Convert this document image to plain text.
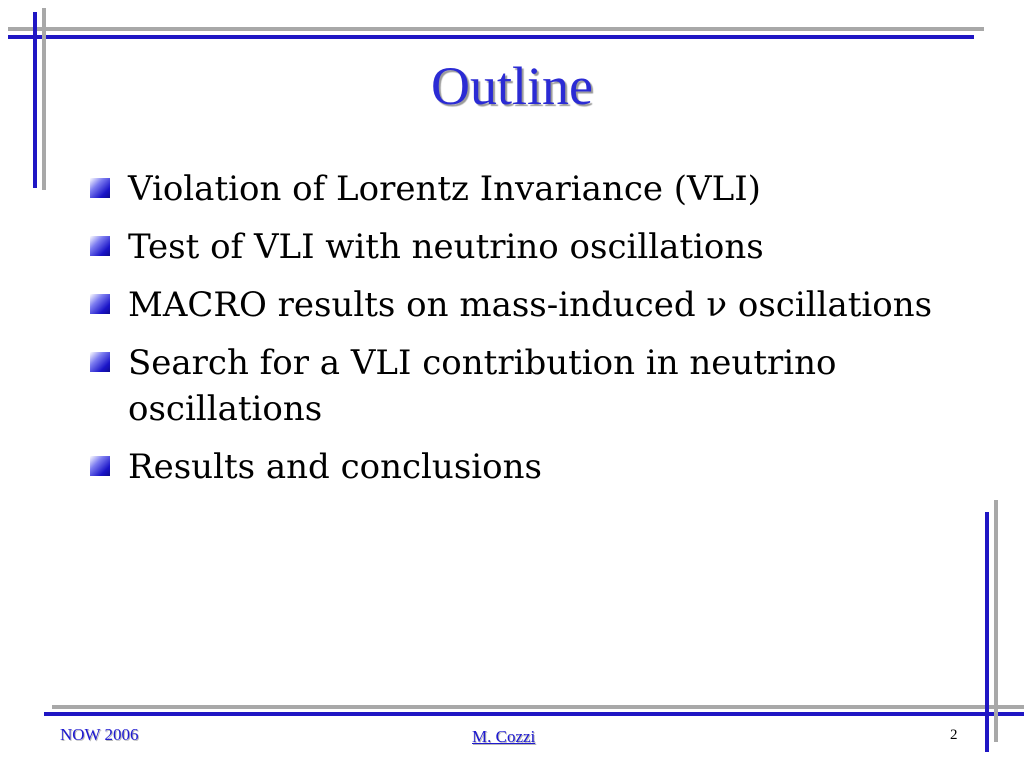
Outline
Violation of Lorentz Invariance (VLI)
Test of VLI with neutrino oscillations
MACRO results on mass-induced ν oscillations
Search for a VLI contribution in neutrino oscillations
Results and conclusions
NOW 2006	M. Cozzi	2
